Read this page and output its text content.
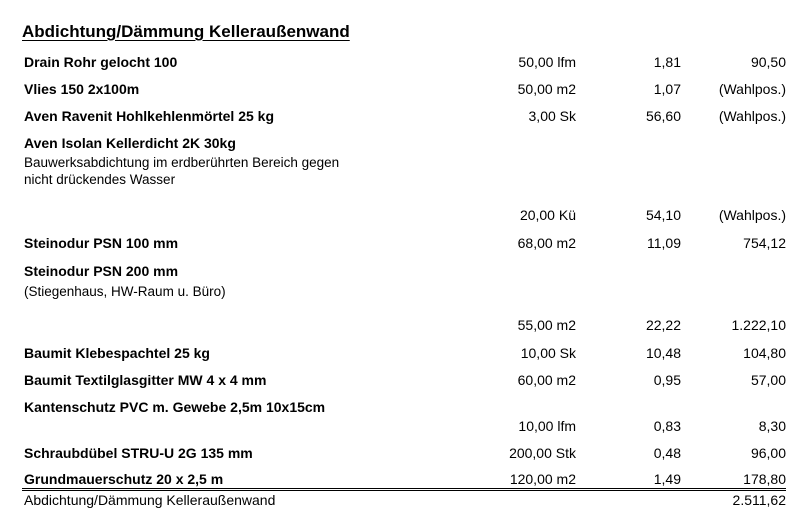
Abdichtung/Dämmung Kelleraußenwand
Drain Rohr gelocht 100	50,00 lfm	1,81	90,50
Vlies 150 2x100m	50,00 m2	1,07	(Wahlpos.)
Aven Ravenit Hohlkehlenmörtel 25 kg	3,00 Sk	56,60	(Wahlpos.)
Aven Isolan Kellerdicht 2K 30kg
Bauwerksabdichtung im erdberührten Bereich gegen
nicht drückendes Wasser
20,00 Kü	54,10	(Wahlpos.)
Steinodur PSN 100 mm	68,00 m2	11,09	754,12
Steinodur PSN 200 mm
(Stiegenhaus, HW-Raum u. Büro)
55,00 m2	22,22	1.222,10
Baumit Klebespachtel 25 kg	10,00 Sk	10,48	104,80
Baumit Textilglasgitter MW 4 x 4 mm	60,00 m2	0,95	57,00
Kantenschutz PVC m. Gewebe 2,5m 10x15cm
10,00 lfm	0,83	8,30
Schraubdübel STRU-U 2G 135 mm	200,00 Stk	0,48	96,00
Grundmauerschutz 20 x 2,5 m	120,00 m2	1,49	178,80
Abdichtung/Dämmung Kelleraußenwand	2.511,62
